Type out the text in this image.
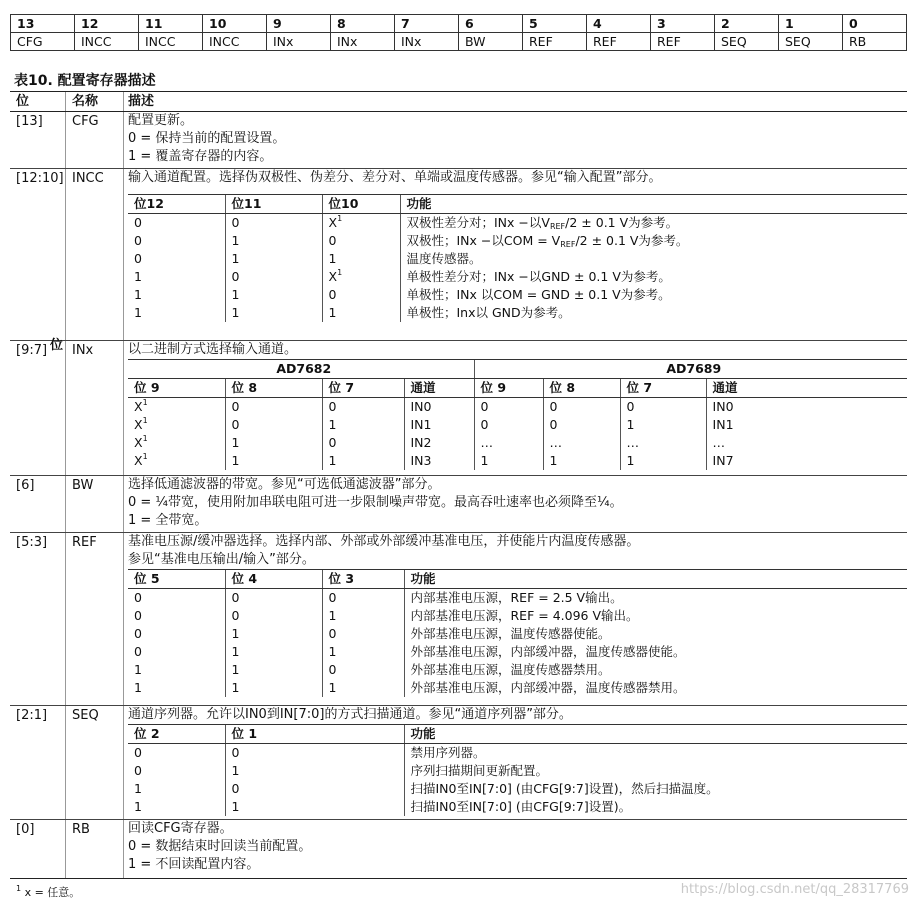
13	12	11	10	9	8	7	6	5	4	3	2	1	0
CFG	INCC	INCC	INCC	INx	INx	INx	BW	REF	REF	REF	SEQ	SEQ	RB
表10. 配置寄存器描述
位	名称	描述
[13]	CFG	配置更新。
0 = 保持当前的配置设置。
1 = 覆盖寄存器的内容。
[12:10] INCC	输入通道配置。选择伪双极性、伪差分、差分对、单端或温度传感器。参见“输入配置”部分。
位12	位11	位10	功能
0	0	$X^1$	双极性差分对；INx −以$V_{REF}/2 \pm 0.1$ V为参考。
0	1	0	双极性；INx −以COM = $V_{REF}/2 \pm 0.1$ V为参考。
0	1	1	温度传感器。
1	0	$X^1$	单极性差分对；INx −以GND ± 0.1 V为参考。
1	1	0	单极性；INx 以COM = GND ± 0.1 V为参考。
1	1	1	单极性；Inx以 GND为参考。
[9:7]	INx	以二进制方式选择输入通道。
AD7682				AD7689			
位 9	位 8	位 7	通道	位 9	位 8	位 7	通道
$X^1$	0	0	IN0	0	0	0	IN0
$X^1$	0	1	IN1	0	0	1	IN1
$X^1$	1	0	IN2	…	…	…	…
$X^1$	1	1	IN3	1	1	1	IN7
[6]	BW	选择低通滤波器的带宽。参见“可选低通滤波器”部分。
0 = ¼带宽，使用附加串联电阻可进一步限制噪声带宽。最高吞吐速率也必须降至¼。
1 = 全带宽。
[5:3]	REF	基准电压源/缓冲器选择。选择内部、外部或外部缓冲基准电压，并使能片内温度传感器。
参见“基准电压输出/输入”部分。
位 5	位 4	位 3	功能
0	0	0	内部基准电压源，REF = 2.5 V输出。
0	0	1	内部基准电压源，REF = 4.096 V输出。
0	1	0	外部基准电压源，温度传感器使能。
0	1	1	外部基准电压源，内部缓冲器，温度传感器使能。
1	1	0	外部基准电压源，温度传感器禁用。
1	1	1	外部基准电压源，内部缓冲器，温度传感器禁用。
[2:1]	SEQ	通道序列器。允许以IN0到IN[7:0]的方式扫描通道。参见“通道序列器”部分。
位 2	位 1	功能
0	0	禁用序列器。
0	1	序列扫描期间更新配置。
1	0	扫描IN0至IN[7:0] (由CFG[9:7]设置)，然后扫描温度。
1	1	扫描IN0至IN[7:0] (由CFG[9:7]设置)。
[0]	RB	回读CFG寄存器。
0 = 数据结束时回读当前配置。
1 = 不回读配置内容。
位
$^1$ x = 任意。	https://blog.csdn.net/qq_28317769
